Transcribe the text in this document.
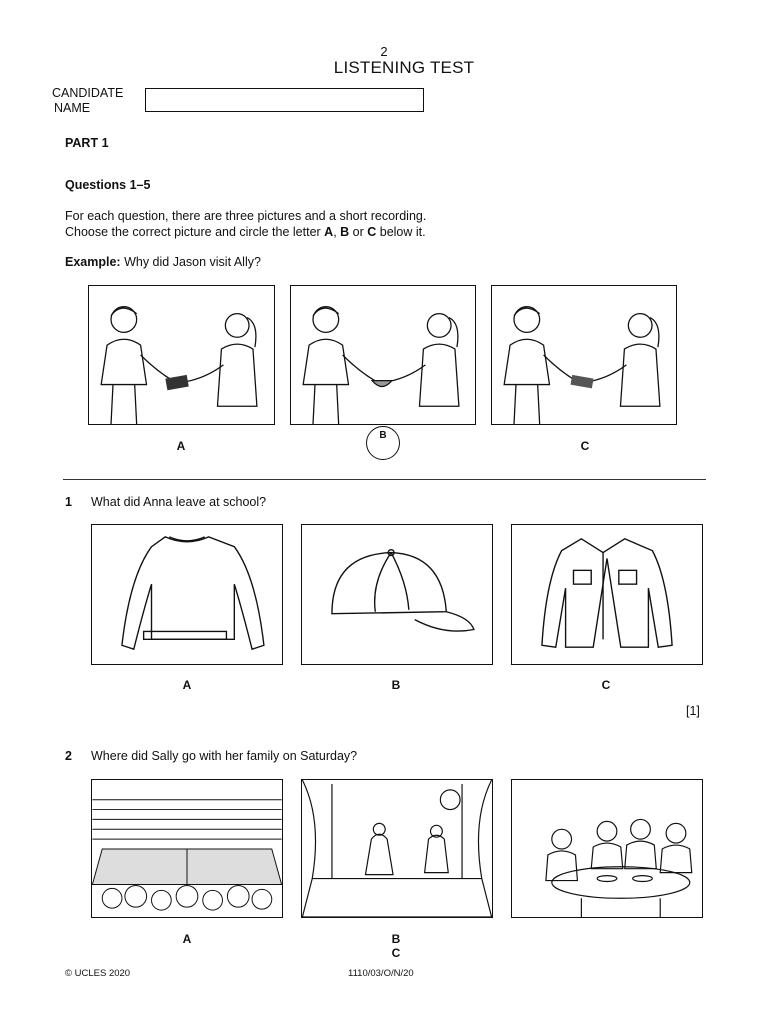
2
LISTENING TEST
CANDIDATE
NAME
PART 1
Questions 1–5
For each question, there are three pictures and a short recording.
Choose the correct picture and circle the letter A, B or C below it.
Example: Why did Jason visit Ally?
A
B
C
1 What did Anna leave at school?
A	B	C
[1]
2 Where did Sally go with her family on Saturday?
A	B
C
© UCLES 2020	1110/03/O/N/20
